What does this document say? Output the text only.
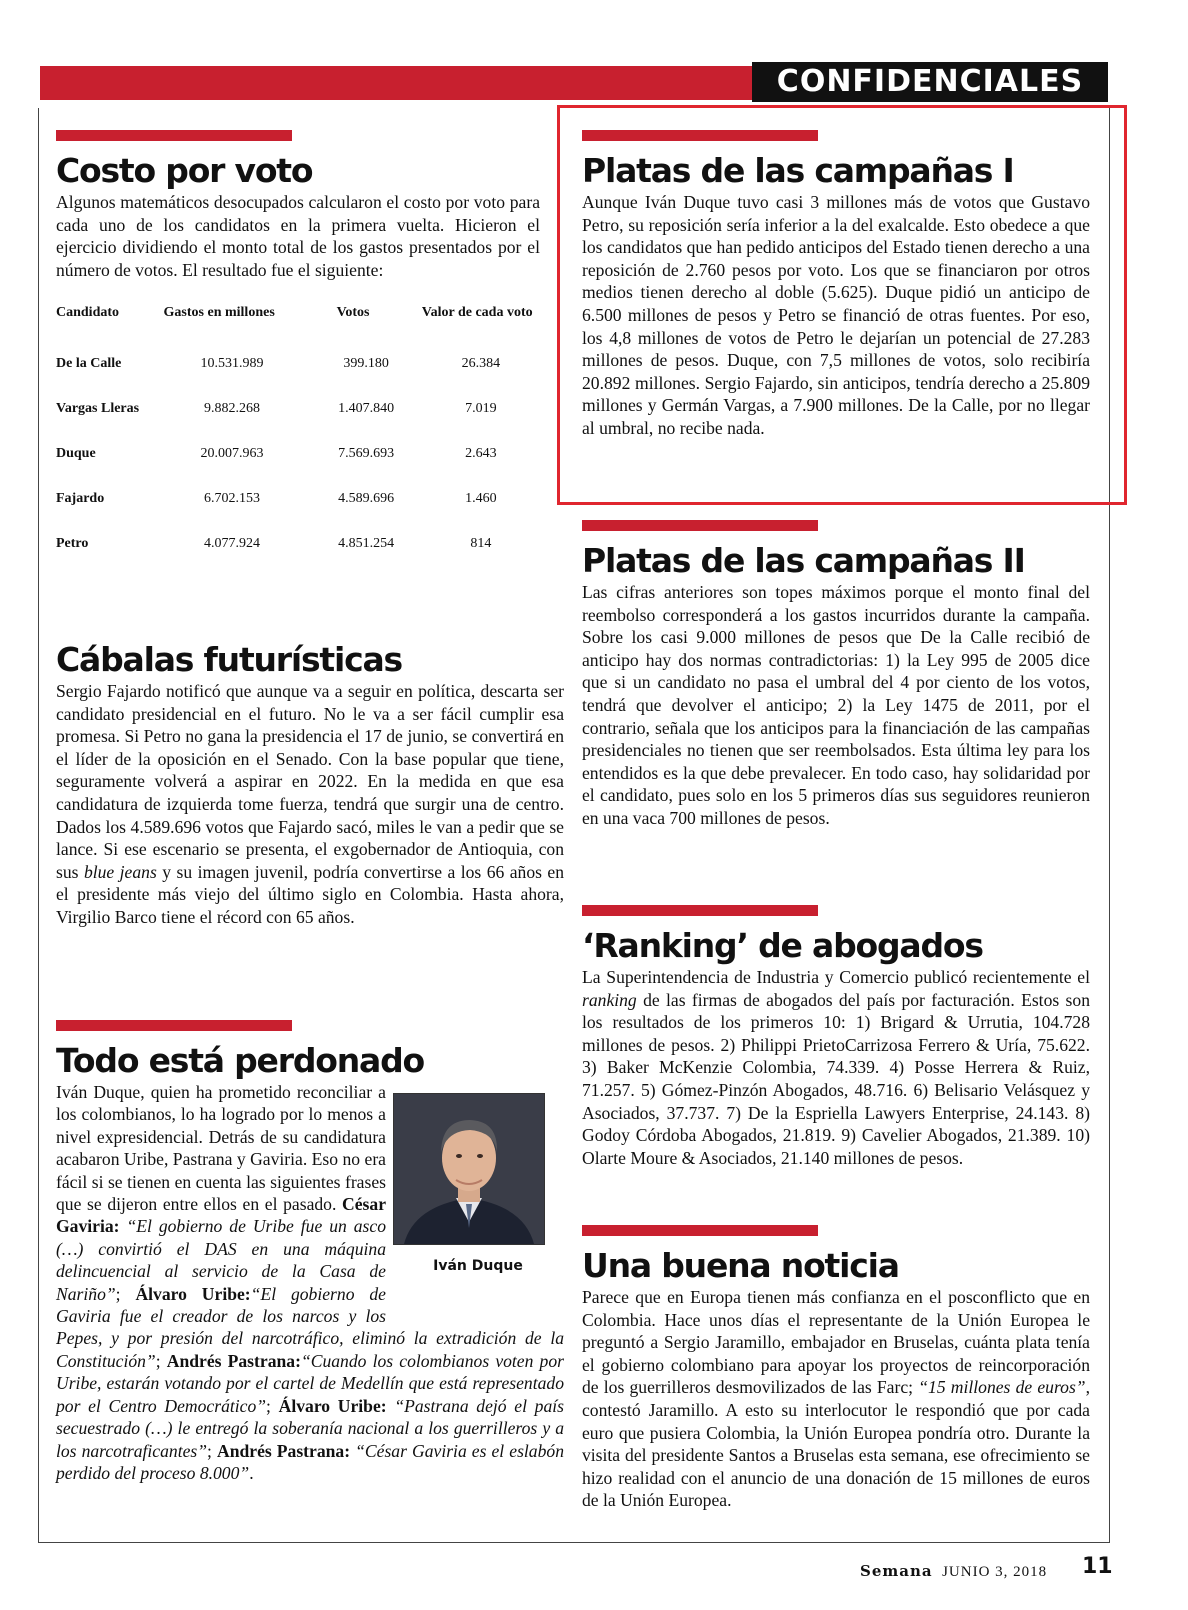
CONFIDENCIALES
Costo por voto

Algunos matemáticos desocupados calcularon el costo por voto para cada uno de los candidatos en la primera vuelta. Hicieron el ejercicio dividiendo el monto total de los gastos presentados por el número de votos. El resultado fue el siguiente:

Candidato	Gastos en millones	Votos	Valor de cada voto
De la Calle	10.531.989	399.180	26.384
Vargas Lleras	9.882.268	1.407.840	7.019
Duque	20.007.963	7.569.693	2.643
Fajardo	6.702.153	4.589.696	1.460
Petro	4.077.924	4.851.254	814
Cábalas futurísticas

Sergio Fajardo notificó que aunque va a seguir en política, descarta ser candidato presidencial en el futuro. No le va a ser fácil cumplir esa promesa. Si Petro no gana la presidencia el 17 de junio, se convertirá en el líder de la oposición en el Senado. Con la base popular que tiene, seguramente volverá a aspirar en 2022. En la medida en que esa candidatura de izquierda tome fuerza, tendrá que surgir una de centro. Dados los 4.589.696 votos que Fajardo sacó, miles le van a pedir que se lance. Si ese escenario se presenta, el exgobernador de Antioquia, con sus blue jeans y su imagen juvenil, podría convertirse a los 66 años en el presidente más viejo del último siglo en Colombia. Hasta ahora, Virgilio Barco tiene el récord con 65 años.

Todo está perdonado

Iván Duque, quien ha prometido reconciliar a los colombianos, lo ha logrado por lo menos a nivel expresidencial. Detrás de su candidatura acabaron Uribe, Pastrana y Gaviria. Eso no era fácil si se tienen en cuenta las siguientes frases que se dijeron entre ellos en el pasado. César Gaviria: “El gobierno de Uribe fue un asco (…) convirtió el DAS en una máquina delincuencial al servicio de la Casa de Nariño”; Álvaro Uribe:“El gobierno de Gaviria fue el creador de los narcos y los Pepes, y por presión del narcotráfico, eliminó la extradición de la Constitución”; Andrés Pastrana:“Cuando los colombianos voten por Uribe, estarán votando por el cartel de Medellín que está representado por el Centro Democrático”; Álvaro Uribe: “Pastrana dejó el país secuestrado (…) le entregó la soberanía nacional a los guerrilleros y a los narcotraficantes”; Andrés Pastrana: “César Gaviria es el eslabón perdido del proceso 8.000”.

Iván Duque
Platas de las campañas I

Aunque Iván Duque tuvo casi 3 millones más de votos que Gustavo Petro, su reposición sería inferior a la del exalcalde. Esto obedece a que los candidatos que han pedido anticipos del Estado tienen derecho a una reposición de 2.760 pesos por voto. Los que se financiaron por otros medios tienen derecho al doble (5.625). Duque pidió un anticipo de 6.500 millones de pesos y Petro se financió de otras fuentes. Por eso, los 4,8 millones de votos de Petro le dejarían un potencial de 27.283 millones de pesos. Duque, con 7,5 millones de votos, solo recibiría 20.892 millones. Sergio Fajardo, sin anticipos, tendría derecho a 25.809 millones y Germán Vargas, a 7.900 millones. De la Calle, por no llegar al umbral, no recibe nada.

Platas de las campañas II

Las cifras anteriores son topes máximos porque el monto final del reembolso corresponderá a los gastos incurridos durante la campaña. Sobre los casi 9.000 millones de pesos que De la Calle recibió de anticipo hay dos normas contradictorias: 1) la Ley 995 de 2005 dice que si un candidato no pasa el umbral del 4 por ciento de los votos, tendrá que devolver el anticipo; 2) la Ley 1475 de 2011, por el contrario, señala que los anticipos para la financiación de las campañas presidenciales no tienen que ser reembolsados. Esta última ley para los entendidos es la que debe prevalecer. En todo caso, hay solidaridad por el candidato, pues solo en los 5 primeros días sus seguidores reunieron en una vaca 700 millones de pesos.

‘Ranking’ de abogados

La Superintendencia de Industria y Comercio publicó recientemente el ranking de las firmas de abogados del país por facturación. Estos son los resultados de los primeros 10: 1) Brigard & Urrutia, 104.728 millones de pesos. 2) Philippi PrietoCarrizosa Ferrero & Uría, 75.622. 3) Baker McKenzie Colombia, 74.339. 4) Posse Herrera & Ruiz, 71.257. 5) Gómez-Pinzón Abogados, 48.716. 6) Belisario Velásquez y Asociados, 37.737. 7) De la Espriella Lawyers Enterprise, 24.143. 8) Godoy Córdoba Abogados, 21.819. 9) Cavelier Abogados, 21.389. 10) Olarte Moure & Asociados, 21.140 millones de pesos.

Una buena noticia

Parece que en Europa tienen más confianza en el posconflicto que en Colombia. Hace unos días el representante de la Unión Europea le preguntó a Sergio Jaramillo, embajador en Bruselas, cuánta plata tenía el gobierno colombiano para apoyar los proyectos de reincorporación de los guerrilleros desmovilizados de las Farc; “15 millones de euros”, contestó Jaramillo. A esto su interlocutor le respondió que por cada euro que pusiera Colombia, la Unión Europea pondría otro. Durante la visita del presidente Santos a Bruselas esta semana, ese ofrecimiento se hizo realidad con el anuncio de una donación de 15 millones de euros de la Unión Europea.

Semana JUNIO 3, 2018 11
